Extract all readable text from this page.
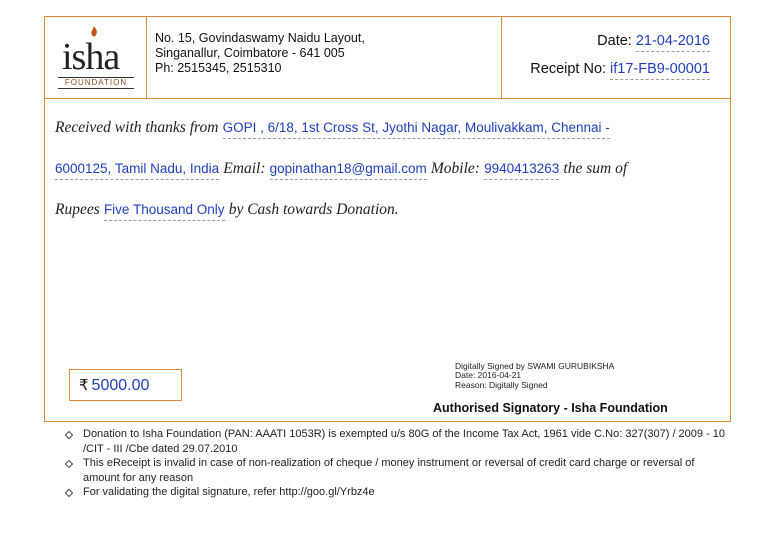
isha
FOUNDATION
No. 15, Govindaswamy Naidu Layout,
Singanallur, Coimbatore - 641 005
Ph: 2515345, 2515310
Date: 21-04-2016
Receipt No: if17-FB9-00001
Received with thanks from GOPI , 6/18, 1st Cross St, Jyothi Nagar, Moulivakkam, Chennai -
6000125, Tamil Nadu, India Email: gopinathan18@gmail.com Mobile: 9940413263 the sum of
Rupees Five Thousand Only by Cash towards Donation.
₹ 5000.00
Digitally Signed by SWAMI GURUBIKSHA
Date: 2016-04-21
Reason: Digitally Signed
Authorised Signatory - Isha Foundation
Donation to Isha Foundation (PAN: AAATI 1053R) is exempted u/s 80G of the Income Tax Act, 1961 vide C.No: 327(307) / 2009 - 10 /CIT - III /Cbe dated 29.07.2010
This eReceipt is invalid in case of non-realization of cheque / money instrument or reversal of credit card charge or reversal of amount for any reason
For validating the digital signature, refer http://goo.gl/Yrbz4e
